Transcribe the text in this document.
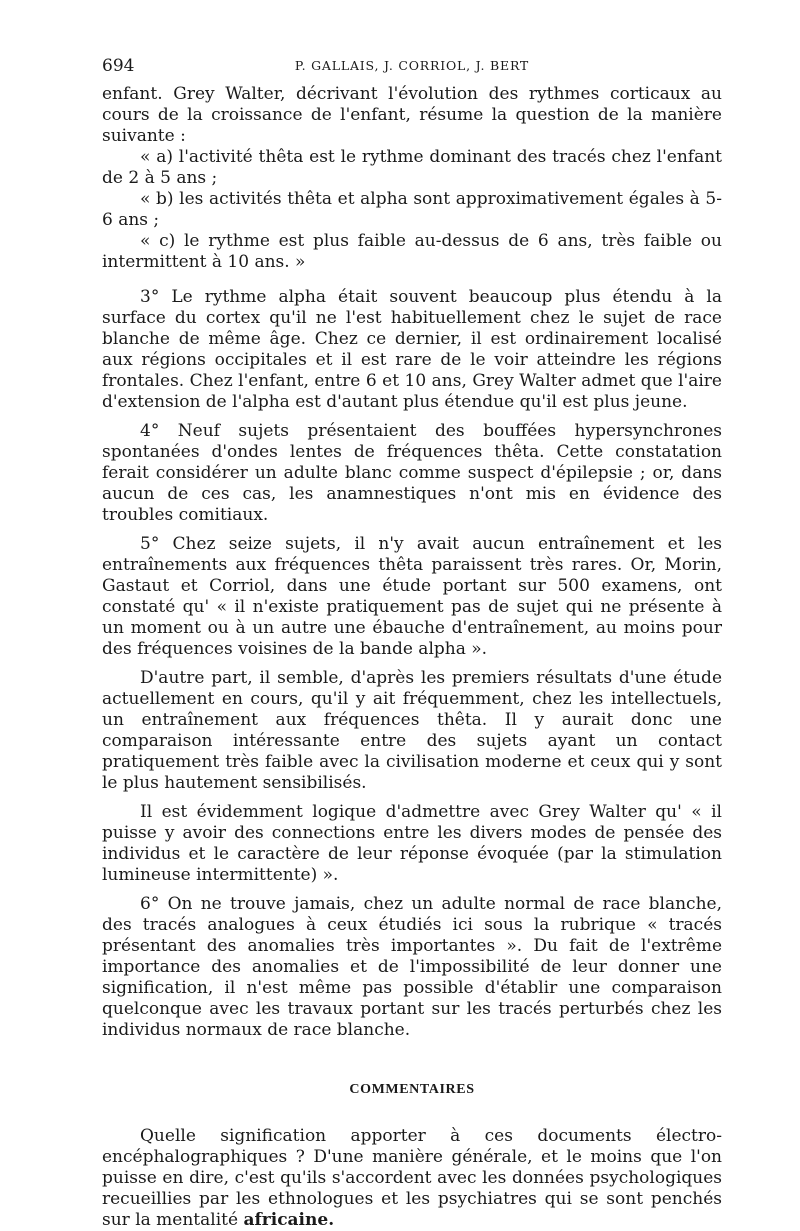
694	P. GALLAIS, J. CORRIOL, J. BERT

enfant. Grey Walter, décrivant l'évolution des rythmes corticaux au cours de la croissance de l'enfant, résume la question de la manière suivante :

« a) l'activité thêta est le rythme dominant des tracés chez l'enfant de 2 à 5 ans ;

« b) les activités thêta et alpha sont approximativement égales à 5-6 ans ;

« c) le rythme est plus faible au-dessus de 6 ans, très faible ou intermittent à 10 ans. »

3° Le rythme alpha était souvent beaucoup plus étendu à la surface du cortex qu'il ne l'est habituellement chez le sujet de race blanche de même âge. Chez ce dernier, il est ordinairement localisé aux régions occipitales et il est rare de le voir atteindre les régions frontales. Chez l'enfant, entre 6 et 10 ans, Grey Walter admet que l'aire d'extension de l'alpha est d'autant plus étendue qu'il est plus jeune.

4° Neuf sujets présentaient des bouffées hypersynchrones spontanées d'ondes lentes de fréquences thêta. Cette constatation ferait considérer un adulte blanc comme suspect d'épilepsie ; or, dans aucun de ces cas, les anamnestiques n'ont mis en évidence des troubles comitiaux.

5° Chez seize sujets, il n'y avait aucun entraînement et les entraînements aux fréquences thêta paraissent très rares. Or, Morin, Gastaut et Corriol, dans une étude portant sur 500 examens, ont constaté qu' « il n'existe pratiquement pas de sujet qui ne présente à un moment ou à un autre une ébauche d'entraînement, au moins pour des fréquences voisines de la bande alpha ».

D'autre part, il semble, d'après les premiers résultats d'une étude actuellement en cours, qu'il y ait fréquemment, chez les intellectuels, un entraînement aux fréquences thêta. Il y aurait donc une comparaison intéressante entre des sujets ayant un contact pratiquement très faible avec la civilisation moderne et ceux qui y sont le plus hautement sensibilisés.

Il est évidemment logique d'admettre avec Grey Walter qu' « il puisse y avoir des connections entre les divers modes de pensée des individus et le caractère de leur réponse évoquée (par la stimulation lumineuse intermittente) ».

6° On ne trouve jamais, chez un adulte normal de race blanche, des tracés analogues à ceux étudiés ici sous la rubrique « tracés présentant des anomalies très importantes ». Du fait de l'extrême importance des anomalies et de l'impossibilité de leur donner une signification, il n'est même pas possible d'établir une comparaison quelconque avec les travaux portant sur les tracés perturbés chez les individus normaux de race blanche.

COMMENTAIRES

Quelle signification apporter à ces documents électro-encéphalographiques ? D'une manière générale, et le moins que l'on puisse en dire, c'est qu'ils s'accordent avec les données psychologiques recueillies par les ethnologues et les psychiatres qui se sont penchés sur la mentalité africaine.
